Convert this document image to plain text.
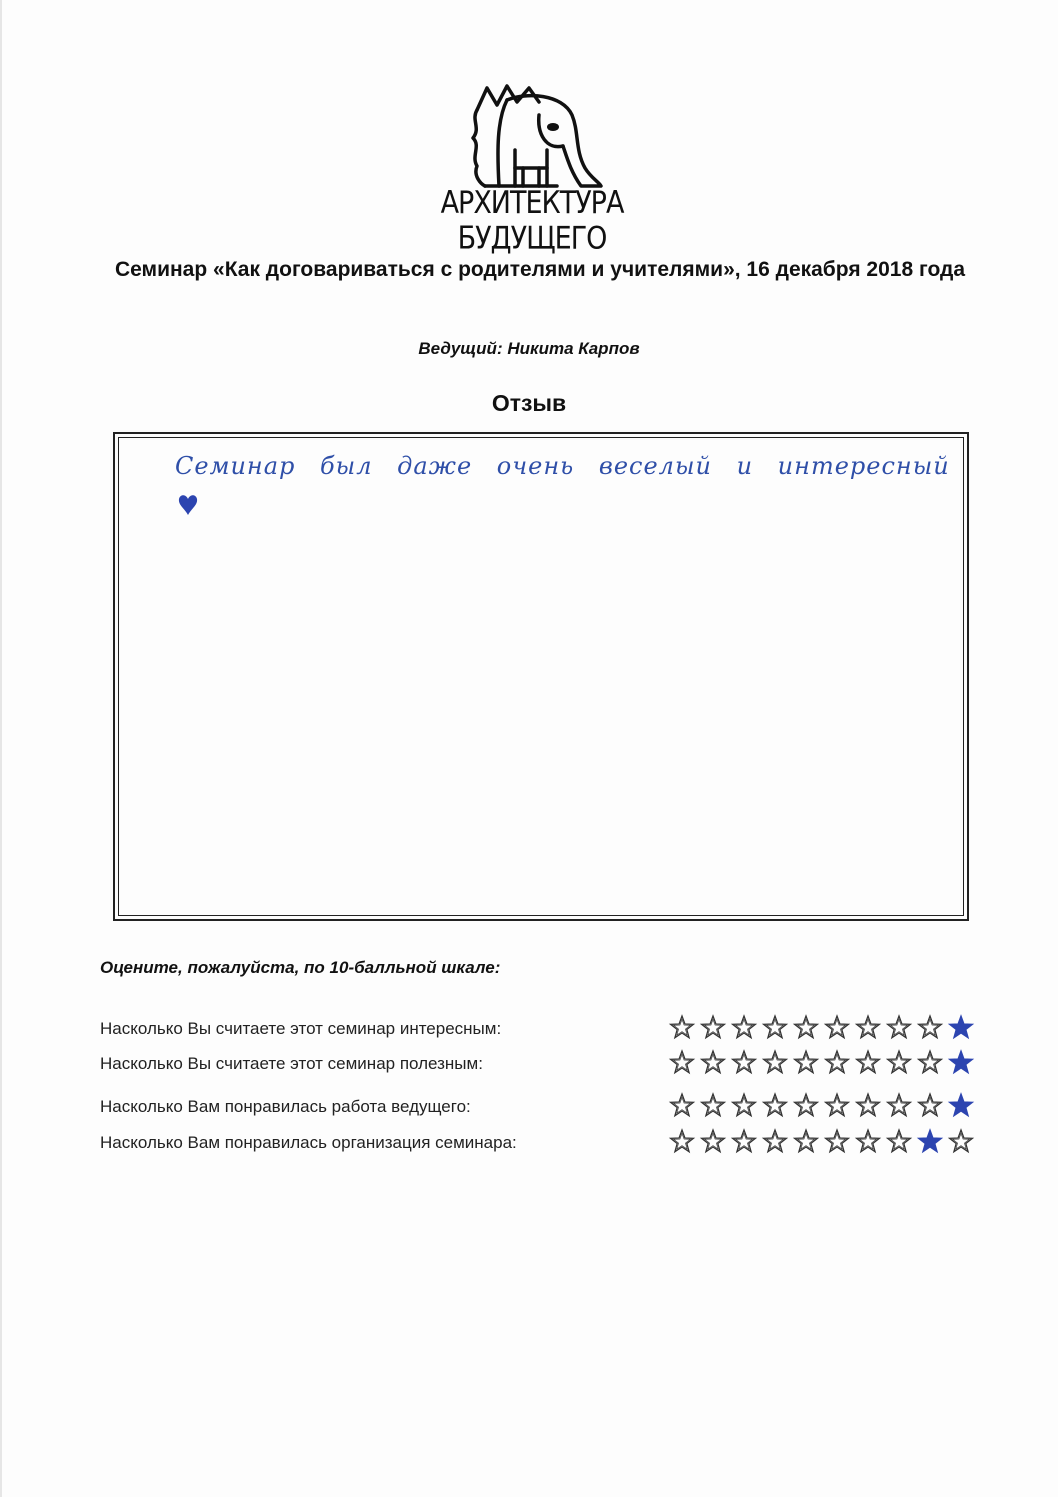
АРХИТЕКТУРА БУДУЩЕГО
Семинар «Как договариваться с родителями и учителями», 16 декабря 2018 года
Ведущий: Никита Карпов
Отзыв
Семинар был даже очень веселый и интересный
Оцените, пожалуйста, по 10-балльной шкале:
Насколько Вы считаете этот семинар интересным:
Насколько Вы считаете этот семинар полезным:
Насколько Вам понравилась работа ведущего:
Насколько Вам понравилась организация семинара:
